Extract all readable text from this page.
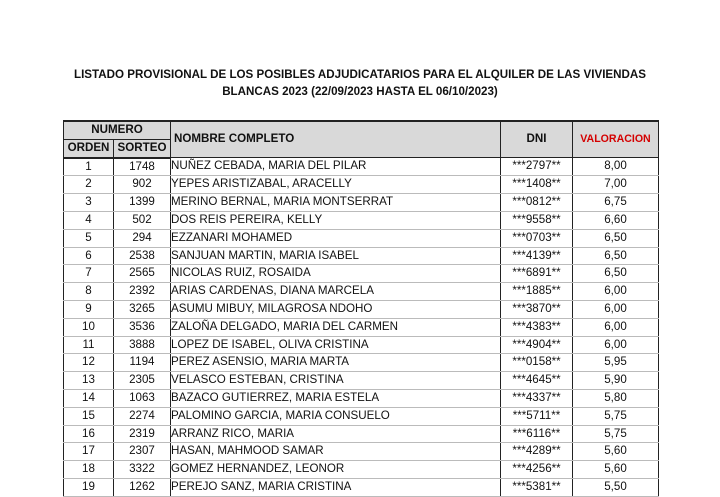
LISTADO PROVISIONAL DE LOS POSIBLES ADJUDICATARIOS PARA EL ALQUILER DE LAS VIVIENDAS
BLANCAS 2023 (22/09/2023 HASTA EL 06/10/2023)
NUMERO		NOMBRE COMPLETO	DNI	VALORACION
ORDEN	SORTEO			
1	1748	NUÑEZ CEBADA, MARIA DEL PILAR	***2797**	8,00
2	902	YEPES ARISTIZABAL, ARACELLY	***1408**	7,00
3	1399	MERINO BERNAL, MARIA MONTSERRAT	***0812**	6,75
4	502	DOS REIS PEREIRA, KELLY	***9558**	6,60
5	294	EZZANARI MOHAMED	***0703**	6,50
6	2538	SANJUAN MARTIN, MARIA ISABEL	***4139**	6,50
7	2565	NICOLAS RUIZ, ROSAIDA	***6891**	6,50
8	2392	ARIAS CARDENAS, DIANA MARCELA	***1885**	6,00
9	3265	ASUMU MIBUY, MILAGROSA NDOHO	***3870**	6,00
10	3536	ZALOÑA DELGADO, MARIA DEL CARMEN	***4383**	6,00
11	3888	LOPEZ DE ISABEL, OLIVA CRISTINA	***4904**	6,00
12	1194	PEREZ ASENSIO, MARIA MARTA	***0158**	5,95
13	2305	VELASCO ESTEBAN, CRISTINA	***4645**	5,90
14	1063	BAZACO GUTIERREZ, MARIA ESTELA	***4337**	5,80
15	2274	PALOMINO GARCIA, MARIA CONSUELO	***5711**	5,75
16	2319	ARRANZ RICO, MARIA	***6116**	5,75
17	2307	HASAN, MAHMOOD SAMAR	***4289**	5,60
18	3322	GOMEZ HERNANDEZ, LEONOR	***4256**	5,60
19	1262	PEREJO SANZ, MARIA CRISTINA	***5381**	5,50
